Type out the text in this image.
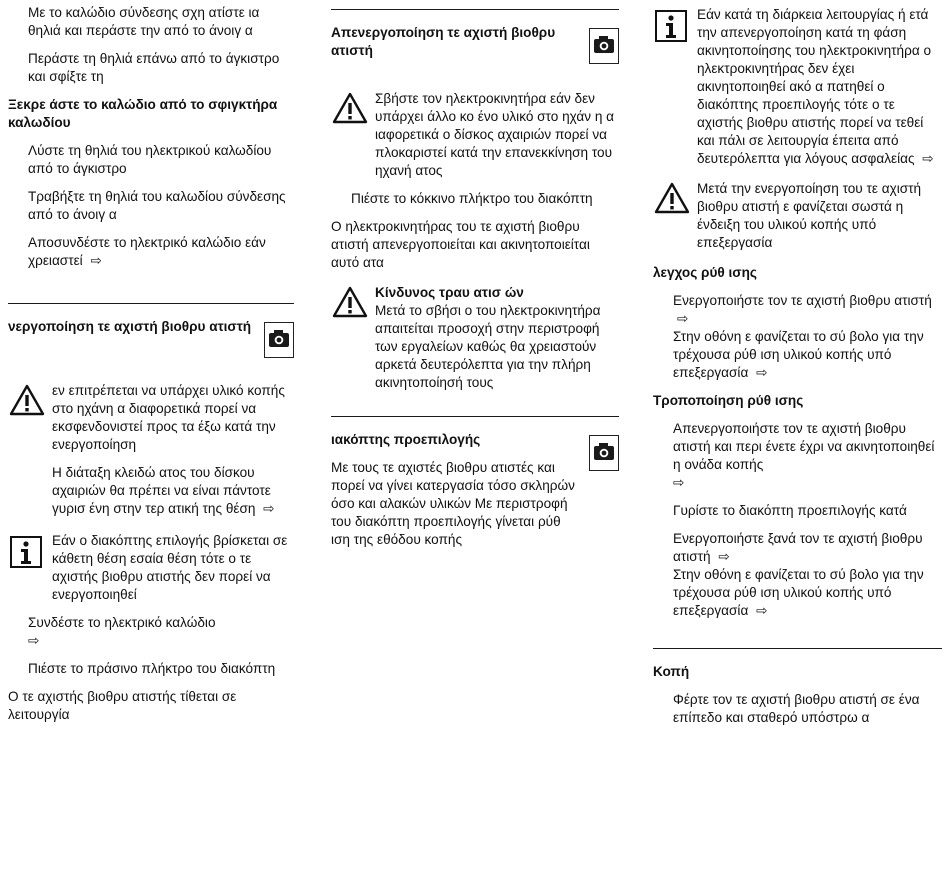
Με το καλώδιο σύνδεσης σχη ατίστε ια θηλιά και περάστε την από το άνοιγ α

Περάστε τη θηλιά επάνω από το άγκιστρο και σφίξτε τη

Ξεκρε άστε το καλώδιο από το σφιγκτήρα καλωδίου

Λύστε τη θηλιά του ηλεκτρικού καλωδίου από το άγκιστρο

Τραβήξτε τη θηλιά του καλωδίου σύνδεσης από το άνοιγ α

Αποσυνδέστε το ηλεκτρικό καλώδιο εάν χρειαστεί ⇨

νεργοποίηση τε αχιστή βιοθρυ ατιστή

εν επιτρέπεται να υπάρχει υλικό κοπής στο ηχάνη α διαφορετικά πορεί να εκσφενδονιστεί προς τα έξω κατά την ενεργοποίηση

Η διάταξη κλειδώ ατος του δίσκου αχαιριών θα πρέπει να είναι πάντοτε γυρισ ένη στην τερ ατική της θέση ⇨

Εάν ο διακόπτης επιλογής βρίσκεται σε κάθετη θέση εσαία θέση τότε ο τε αχιστής βιοθρυ ατιστής δεν πορεί να ενεργοποιηθεί

Συνδέστε το ηλεκτρικό καλώδιο
⇨

Πιέστε το πράσινο πλήκτρο του διακόπτη

Ο τε αχιστής βιοθρυ ατιστής τίθεται σε λειτουργία

Απενεργοποίηση τε αχιστή βιοθρυ ατιστή

Σβήστε τον ηλεκτροκινητήρα εάν δεν υπάρχει άλλο κο ένο υλικό στο ηχάν η α ιαφορετικά ο δίσκος αχαιριών πορεί να πλοκαριστεί κατά την επανεκκίνηση του ηχανή ατος

Πιέστε το κόκκινο πλήκτρο του διακόπτη

Ο ηλεκτροκινητήρας του τε αχιστή βιοθρυ ατιστή απενεργοποιείται και ακινητοποιείται αυτό ατα

Κίνδυνος τραυ ατισ ών

Μετά το σβήσι ο του ηλεκτροκινητήρα απαιτείται προσοχή στην περιστροφή των εργαλείων καθώς θα χρειαστούν αρκετά δευτερόλεπτα για την πλήρη ακινητοποίησή τους

ιακόπτης προεπιλογής

Με τους τε αχιστές βιοθρυ ατιστές και πορεί να γίνει κατεργασία τόσο σκληρών όσο και αλακών υλικών Με περιστροφή του διακόπτη προεπιλογής γίνεται ρύθ ιση της εθόδου κοπής

Εάν κατά τη διάρκεια λειτουργίας ή ετά την απενεργοποίηση κατά τη φάση ακινητοποίησης του ηλεκτροκινητήρα ο ηλεκτροκινητήρας δεν έχει ακινητοποιηθεί ακό α πατηθεί ο διακόπτης προεπιλογής τότε ο τε αχιστής βιοθρυ ατιστής πορεί να τεθεί και πάλι σε λειτουργία έπειτα από δευτερόλεπτα για λόγους ασφαλείας ⇨

Μετά την ενεργοποίηση του τε αχιστή βιοθρυ ατιστή ε φανίζεται σωστά η ένδειξη του υλικού κοπής υπό επεξεργασία

λεγχος ρύθ ισης

Ενεργοποιήστε τον τε αχιστή βιοθρυ ατιστή ⇨
Στην οθόνη ε φανίζεται το σύ βολο για την τρέχουσα ρύθ ιση υλικού κοπής υπό επεξεργασία ⇨

Τροποποίηση ρύθ ισης

Απενεργοποιήστε τον τε αχιστή βιοθρυ ατιστή και περι ένετε έχρι να ακινητοποιηθεί η ονάδα κοπής
⇨

Γυρίστε το διακόπτη προεπιλογής κατά

Ενεργοποιήστε ξανά τον τε αχιστή βιοθρυ ατιστή ⇨
Στην οθόνη ε φανίζεται το σύ βολο για την τρέχουσα ρύθ ιση υλικού κοπής υπό επεξεργασία ⇨

Κοπή

Φέρτε τον τε αχιστή βιοθρυ ατιστή σε ένα επίπεδο και σταθερό υπόστρω α
